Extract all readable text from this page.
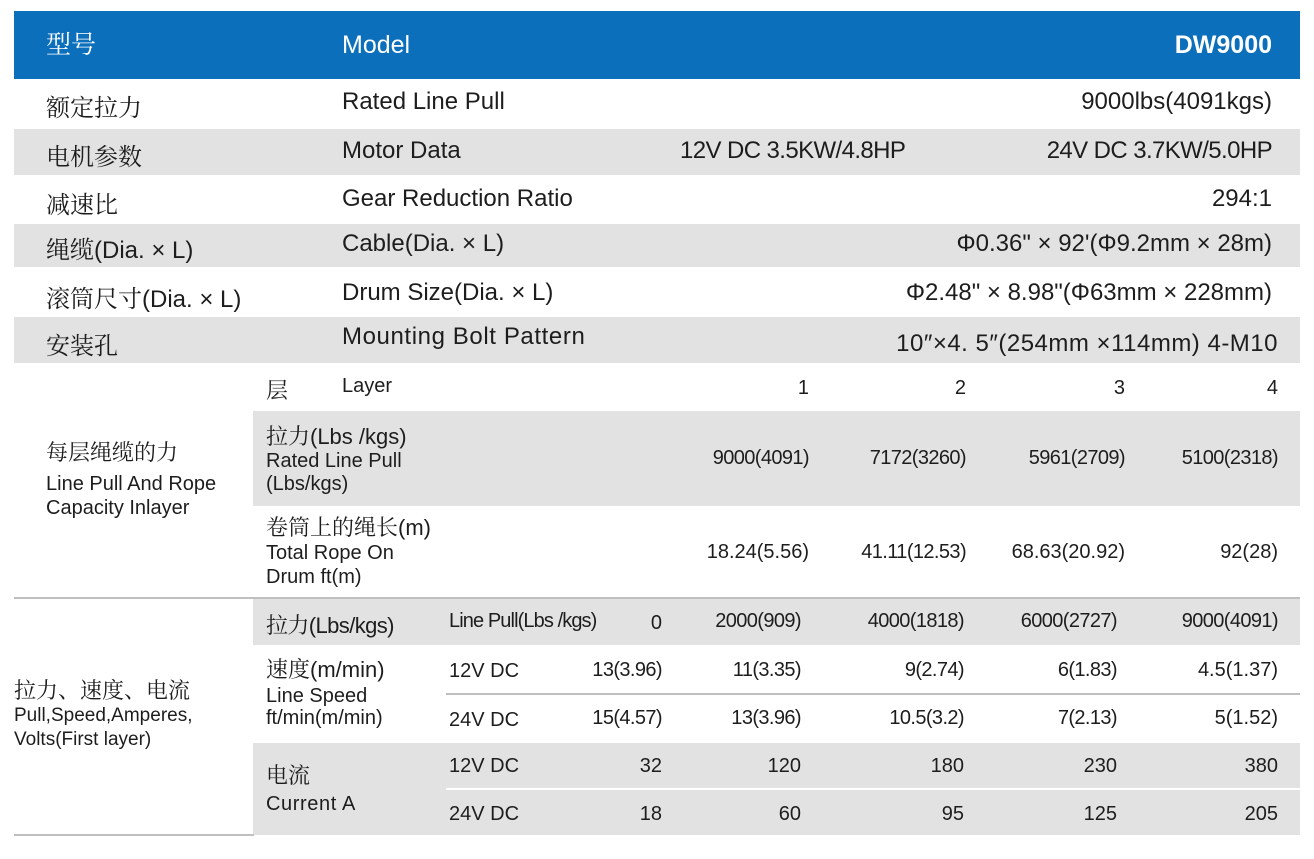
型号	Model	DW9000
额定拉力	Rated Line Pull	9000lbs(4091kgs)
电机参数	Motor Data	12V DC 3.5KW/4.8HP	24V DC 3.7KW/5.0HP
减速比	Gear Reduction Ratio	294:1
绳缆(Dia. × L)	Cable(Dia. × L)	Φ0.36" × 92'(Φ9.2mm × 28m)
滚筒尺寸(Dia. × L)	Drum Size(Dia. × L)	Φ2.48" × 8.98"(Φ63mm × 228mm)
安装孔	Mounting Bolt Pattern	10″×4. 5″(254mm ×114mm) 4-M10
每层绳缆的力
Line Pull And Rope
Capacity Inlayer
层	Layer	1	2	3	4
拉力(Lbs /kgs)
Rated Line Pull
(Lbs/kgs)
9000(4091)	7172(3260)	5961(2709)	5100(2318)
卷筒上的绳长(m)
Total Rope On
Drum ft(m)
18.24(5.56)	41.11(12.53) 68.63(20.92)	92(28)
拉力、速度、电流
Pull,Speed,Amperes,
Volts(First layer)
拉力(Lbs/kgs)	Line Pull(Lbs /kgs)	0	2000(909)	4000(1818)	6000(2727)	9000(4091)
速度(m/min)
Line Speed
ft/min(m/min)
12V DC	13(3.96)	11(3.35)	9(2.74)	6(1.83)	4.5(1.37)
24V DC	15(4.57)	13(3.96)	10.5(3.2)	7(2.13)	5(1.52)
电流
Current A
12V DC	32	120	180	230	380
24V DC	18	60	95	125	205
